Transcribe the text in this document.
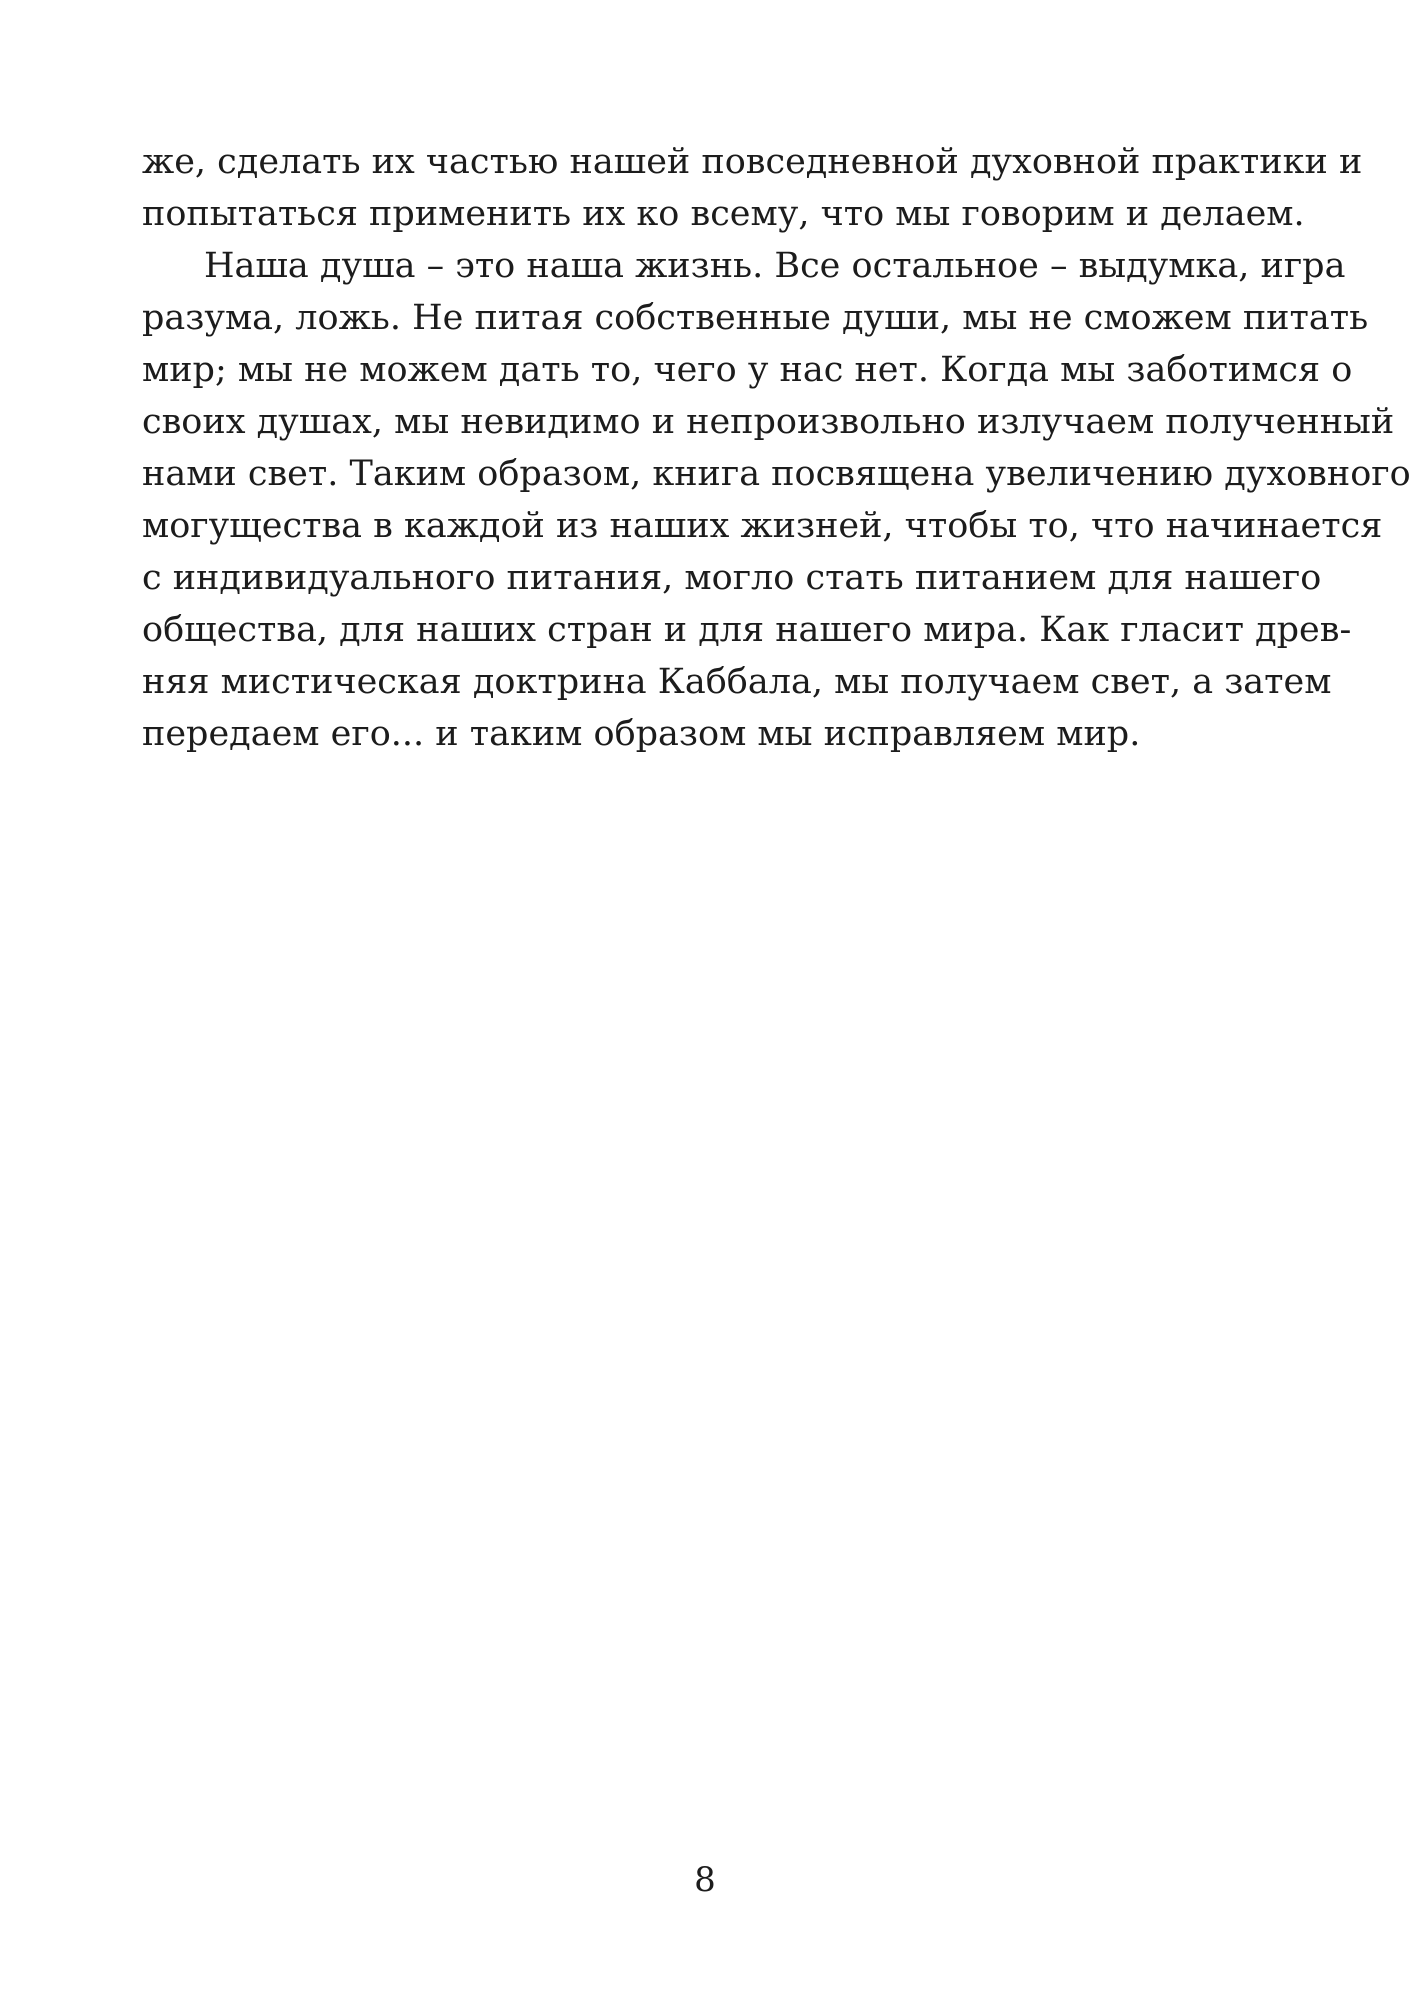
же, сделать их частью нашей повседневной духовной практики и
попытаться применить их ко всему, что мы говорим и делаем.
Наша душа – это наша жизнь. Все остальное – выдумка, игра
разума, ложь. Не питая собственные души, мы не сможем питать
мир; мы не можем дать то, чего у нас нет. Когда мы заботимся о
своих душах, мы невидимо и непроизвольно излучаем полученный
нами свет. Таким образом, книга посвящена увеличению духовного
могущества в каждой из наших жизней, чтобы то, что начинается
с индивидуального питания, могло стать питанием для нашего
общества, для наших стран и для нашего мира. Как гласит древ-
няя мистическая доктрина Каббала, мы получаем свет, а затем
передаем его... и таким образом мы исправляем мир.
8
